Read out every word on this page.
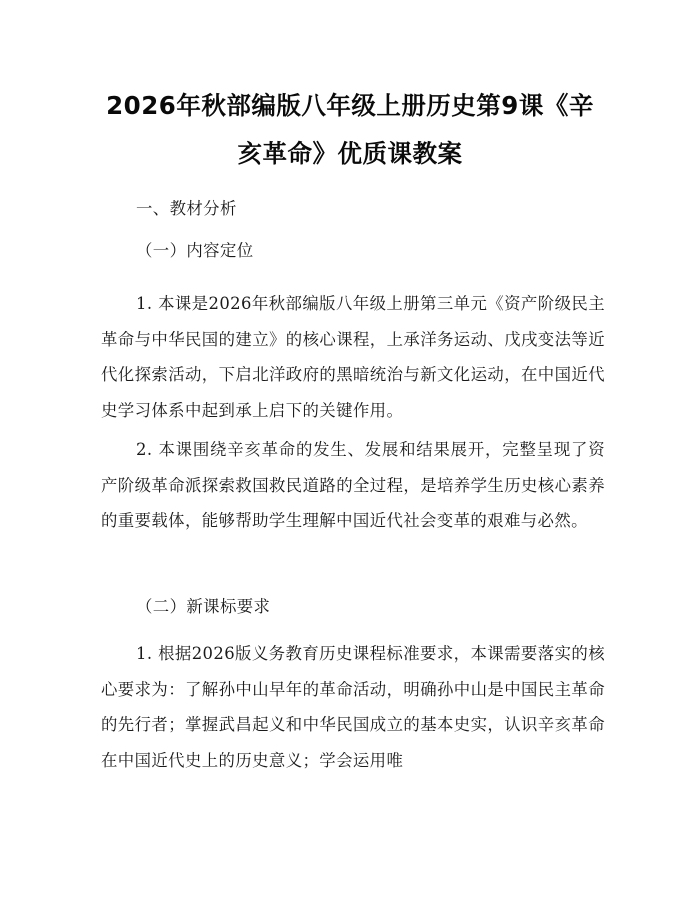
2026年秋部编版八年级上册历史第9课《辛亥革命》优质课教案

一、教材分析

（一）内容定位

1. 本课是2026年秋部编版八年级上册第三单元《资产阶级民主革命与中华民国的建立》的核心课程，上承洋务运动、戊戌变法等近代化探索活动，下启北洋政府的黑暗统治与新文化运动，在中国近代史学习体系中起到承上启下的关键作用。

2. 本课围绕辛亥革命的发生、发展和结果展开，完整呈现了资产阶级革命派探索救国救民道路的全过程，是培养学生历史核心素养的重要载体，能够帮助学生理解中国近代社会变革的艰难与必然。

（二）新课标要求

1. 根据2026版义务教育历史课程标准要求，本课需要落实的核心要求为：了解孙中山早年的革命活动，明确孙中山是中国民主革命的先行者；掌握武昌起义和中华民国成立的基本史实，认识辛亥革命在中国近代史上的历史意义；学会运用唯
